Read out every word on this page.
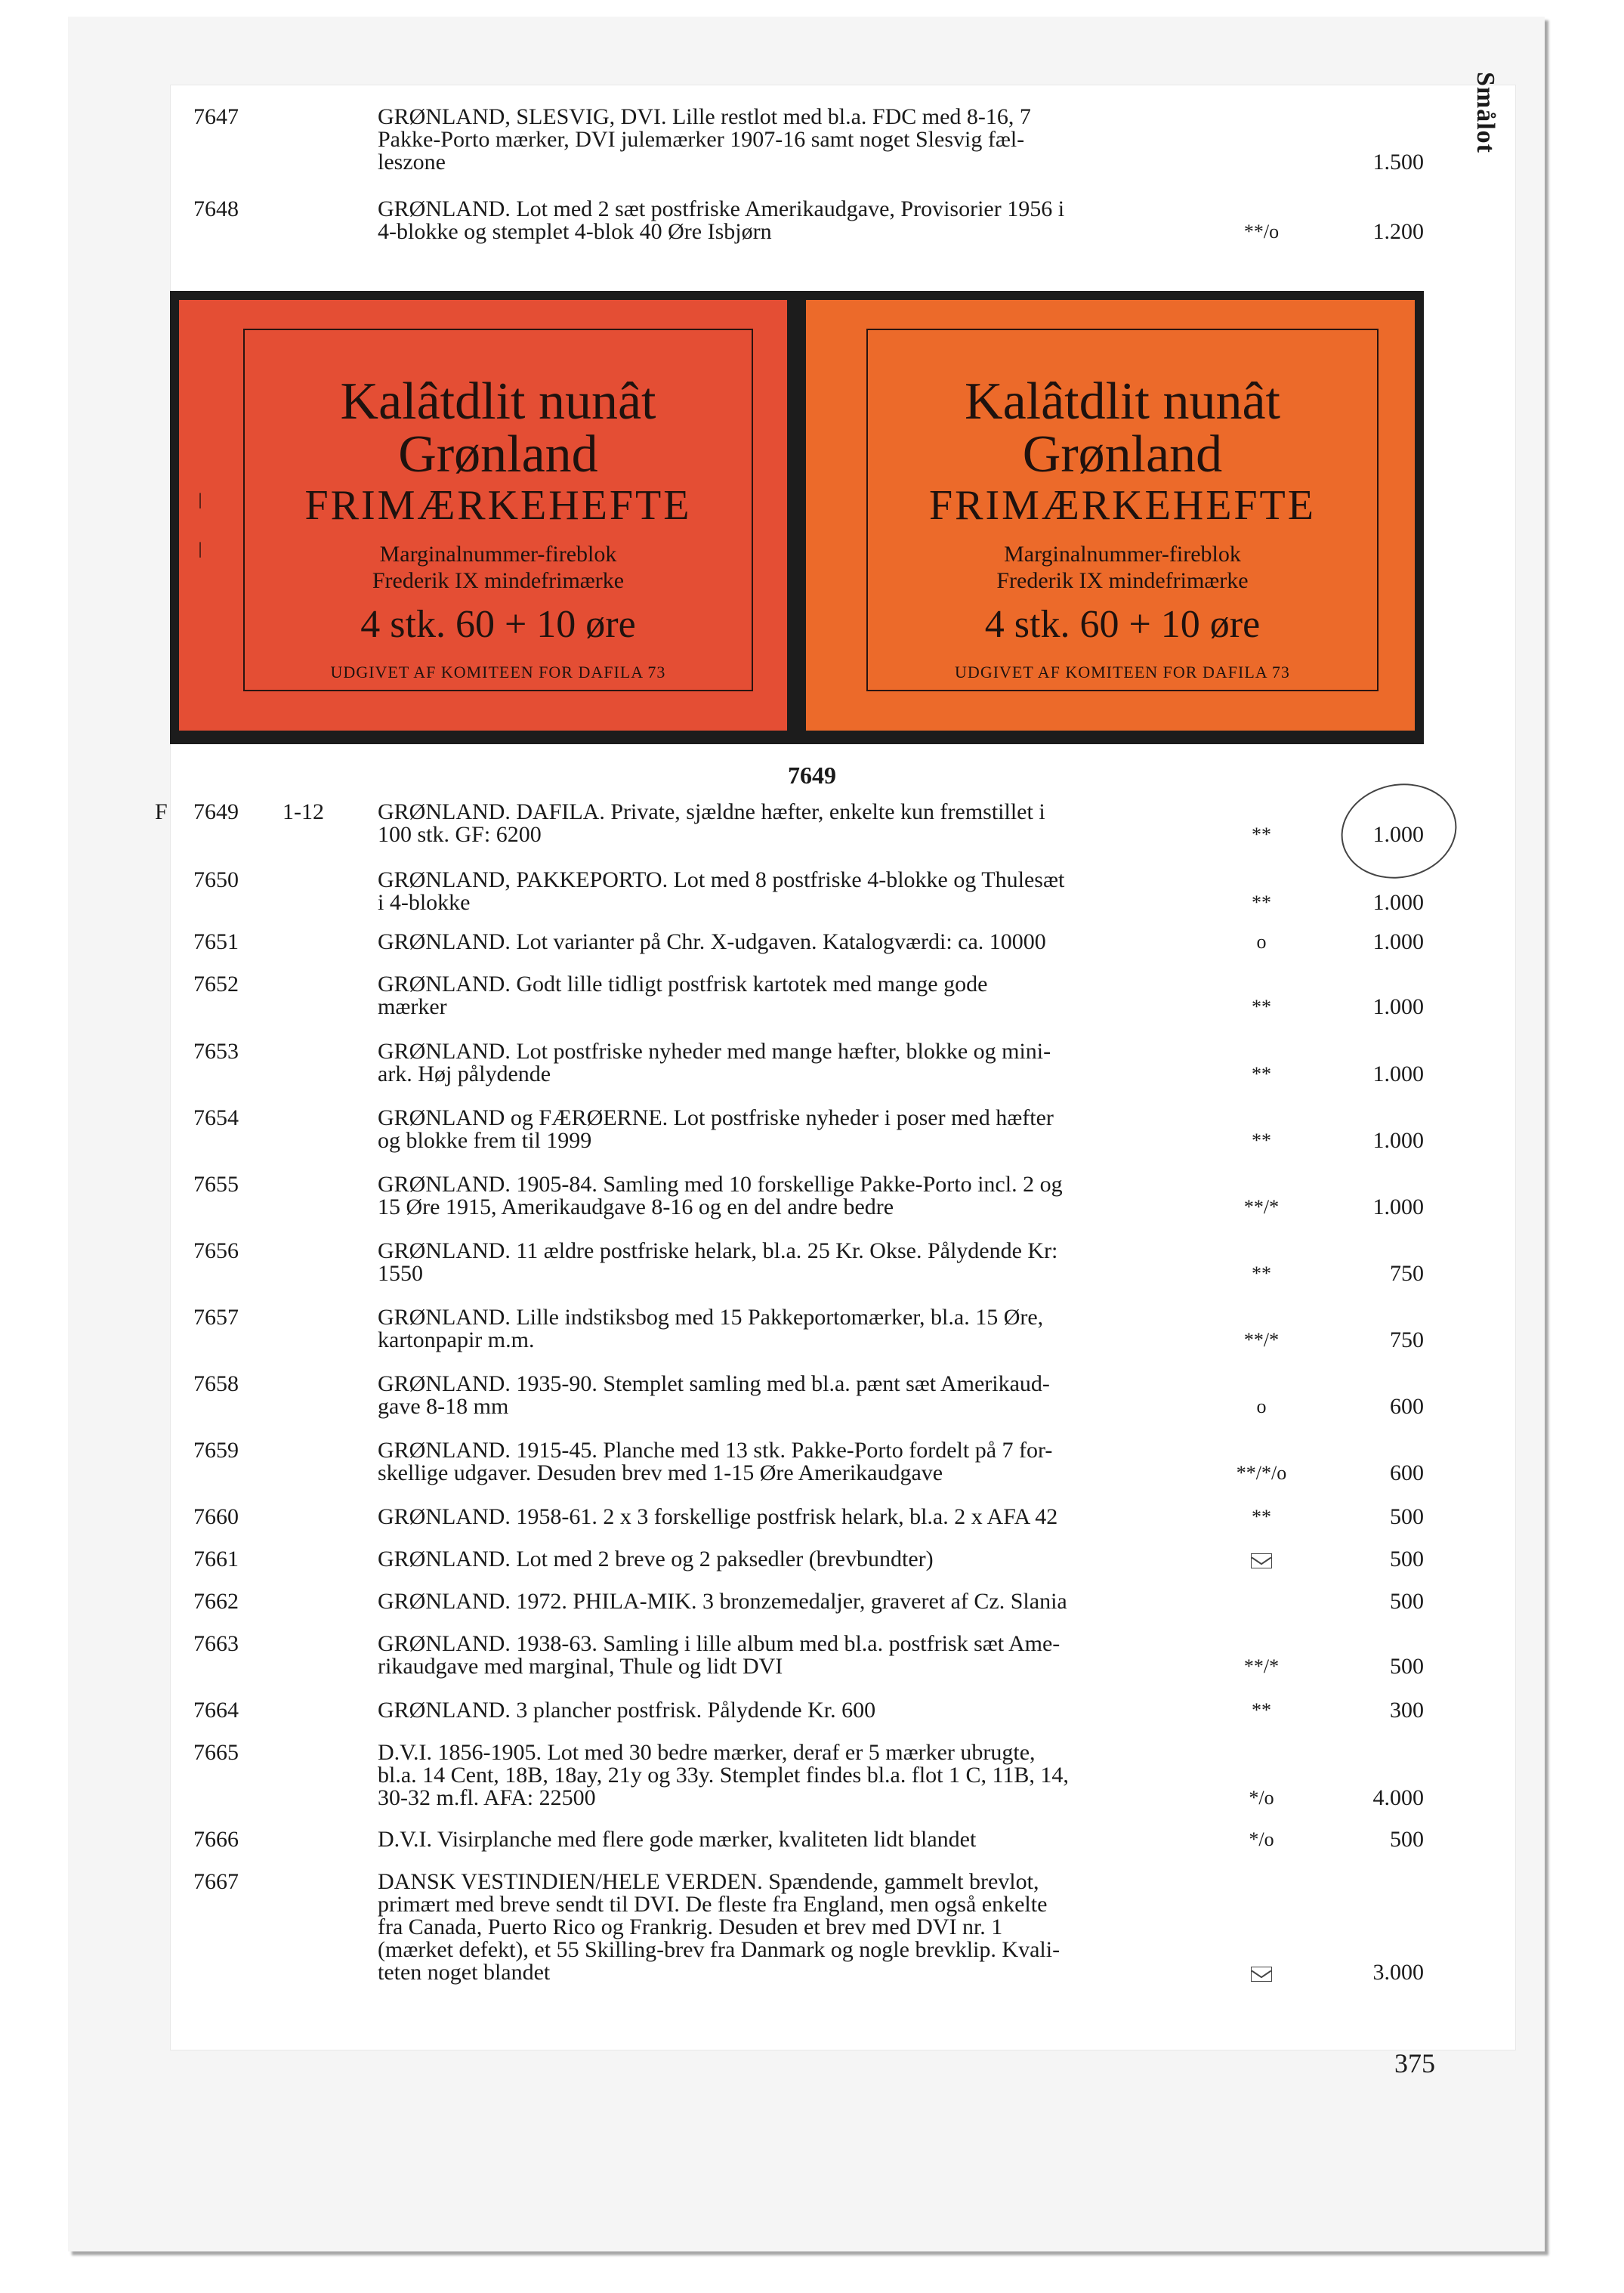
Smålot
ǀ
ǀ
Kalâtdlit nunât
Grønland
FRIMÆRKEHEFTE
Marginalnummer-fireblok
Frederik IX mindefrimærke
4 stk. 60 + 10 øre
UDGIVET AF KOMITEEN FOR DAFILA 73
Kalâtdlit nunât
Grønland
FRIMÆRKEHEFTE
Marginalnummer-fireblok
Frederik IX mindefrimærke
4 stk. 60 + 10 øre
UDGIVET AF KOMITEEN FOR DAFILA 73
7649
7647	GRØNLAND, SLESVIG, DVI. Lille restlot med bl.a. FDC med 8-16, 7
Pakke-Porto mærker, DVI julemærker 1907-16 samt noget Slesvig fæl-
leszone	1.500
7648	GRØNLAND. Lot med 2 sæt postfriske Amerikaudgave, Provisorier 1956 i
4-blokke og stemplet 4-blok 40 Øre Isbjørn	**/o	1.200
F 7649 1-12 GRØNLAND. DAFILA. Private, sjældne hæfter, enkelte kun fremstillet i
100 stk. GF: 6200	**	1.000
7650	GRØNLAND, PAKKEPORTO. Lot med 8 postfriske 4-blokke og Thulesæt
i 4-blokke	**	1.000
7651	GRØNLAND. Lot varianter på Chr. X-udgaven. Katalogværdi: ca. 10000	o	1.000
7652	GRØNLAND. Godt lille tidligt postfrisk kartotek med mange gode
mærker	**	1.000
7653	GRØNLAND. Lot postfriske nyheder med mange hæfter, blokke og mini-
ark. Høj pålydende	**	1.000
7654	GRØNLAND og FÆRØERNE. Lot postfriske nyheder i poser med hæfter
og blokke frem til 1999	**	1.000
7655	GRØNLAND. 1905-84. Samling med 10 forskellige Pakke-Porto incl. 2 og
15 Øre 1915, Amerikaudgave 8-16 og en del andre bedre	**/*	1.000
7656	GRØNLAND. 11 ældre postfriske helark, bl.a. 25 Kr. Okse. Pålydende Kr:
1550	**	750
7657	GRØNLAND. Lille indstiksbog med 15 Pakkeportomærker, bl.a. 15 Øre,
kartonpapir m.m.	**/*	750
7658	GRØNLAND. 1935-90. Stemplet samling med bl.a. pænt sæt Amerikaud-
gave 8-18 mm	o	600
7659	GRØNLAND. 1915-45. Planche med 13 stk. Pakke-Porto fordelt på 7 for-
skellige udgaver. Desuden brev med 1-15 Øre Amerikaudgave	**/*/o	600
7660	GRØNLAND. 1958-61. 2 x 3 forskellige postfrisk helark, bl.a. 2 x AFA 42	**	500
7661	GRØNLAND. Lot med 2 breve og 2 paksedler (brevbundter)	500
7662	GRØNLAND. 1972. PHILA-MIK. 3 bronzemedaljer, graveret af Cz. Slania	500
7663	GRØNLAND. 1938-63. Samling i lille album med bl.a. postfrisk sæt Ame-
rikaudgave med marginal, Thule og lidt DVI	**/*	500
7664	GRØNLAND. 3 plancher postfrisk. Pålydende Kr. 600	**	300
7665	D.V.I. 1856-1905. Lot med 30 bedre mærker, deraf er 5 mærker ubrugte,
bl.a. 14 Cent, 18B, 18ay, 21y og 33y. Stemplet findes bl.a. flot 1 C, 11B, 14,
30-32 m.fl. AFA: 22500	*/o	4.000
7666	D.V.I. Visirplanche med flere gode mærker, kvaliteten lidt blandet	*/o	500
7667	DANSK VESTINDIEN/HELE VERDEN. Spændende, gammelt brevlot,
primært med breve sendt til DVI. De fleste fra England, men også enkelte
fra Canada, Puerto Rico og Frankrig. Desuden et brev med DVI nr. 1
(mærket defekt), et 55 Skilling-brev fra Danmark og nogle brevklip. Kvali-
teten noget blandet	3.000
375
